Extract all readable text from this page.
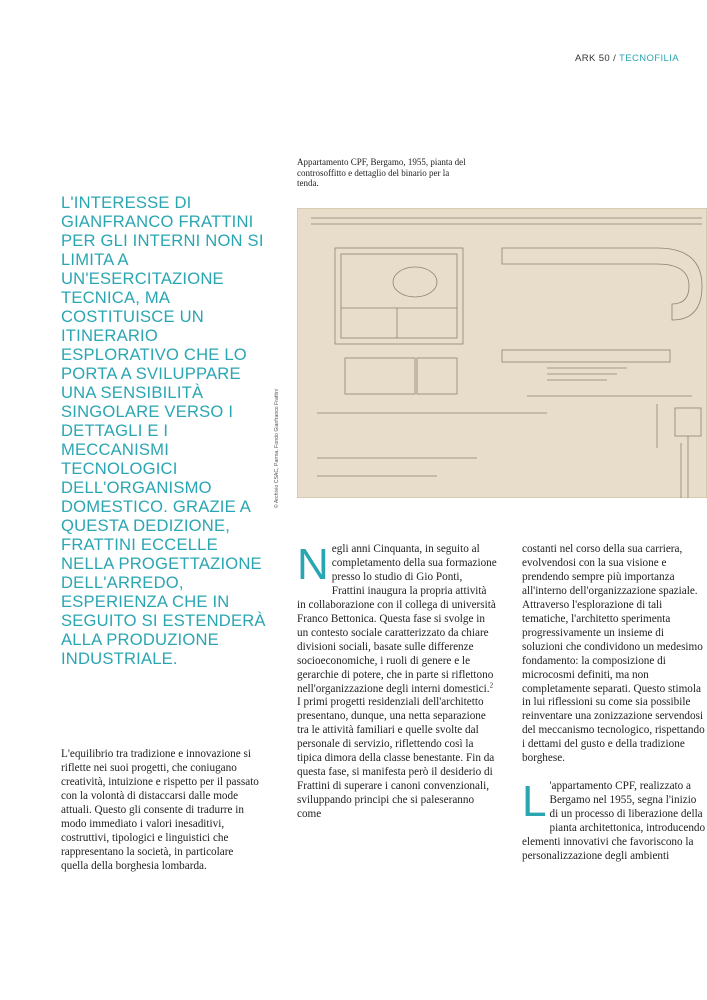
ARK 50 / TECNOFILIA
Appartamento CPF, Bergamo, 1955, pianta del controsoffitto e dettaglio del binario per la tenda.
L'INTERESSE DI GIANFRANCO FRATTINI PER GLI INTERNI NON SI LIMITA A UN'ESERCITAZIONE TECNICA, MA COSTITUISCE UN ITINERARIO ESPLORATIVO CHE LO PORTA A SVILUPPARE UNA SENSIBILITÀ SINGOLARE VERSO I DETTAGLI E I MECCANISMI TECNOLOGICI DELL'ORGANISMO DOMESTICO. GRAZIE A QUESTA DEDIZIONE, FRATTINI ECCELLE NELLA PROGETTAZIONE DELL'ARREDO, ESPERIENZA CHE IN SEGUITO SI ESTENDERÀ ALLA PRODUZIONE INDUSTRIALE.
© Archivio CSAC, Parma, Fondo Gianfranco Frattini

L'equilibrio tra tradizione e innovazione si riflette nei suoi progetti, che coniugano creatività, intuizione e rispetto per il passato con la volontà di distaccarsi dalle mode attuali. Questo gli consente di tradurre in modo immediato i valori inesaditivi, costruttivi, tipologici e linguistici che rappresentano la società, in particolare quella della borghesia lombarda.

Negli anni Cinquanta, in seguito al completamento della sua formazione presso lo studio di Gio Ponti, Frattini inaugura la propria attività in collaborazione con il collega di università Franco Bettonica. Questa fase si svolge in un contesto sociale caratterizzato da chiare divisioni sociali, basate sulle differenze socioeconomiche, i ruoli di genere e le gerarchie di potere, che in parte si riflettono nell'organizzazione degli interni domestici.$^2$ I primi progetti residenziali dell'architetto presentano, dunque, una netta separazione tra le attività familiari e quelle svolte dal personale di servizio, riflettendo così la tipica dimora della classe benestante. Fin da questa fase, si manifesta però il desiderio di Frattini di superare i canoni convenzionali, sviluppando principi che si paleseranno come

costanti nel corso della sua carriera, evolvendosi con la sua visione e prendendo sempre più importanza all'interno dell'organizzazione spaziale. Attraverso l'esplorazione di tali tematiche, l'architetto sperimenta progressivamente un insieme di soluzioni che condividono un medesimo fondamento: la composizione di microcosmi definiti, ma non completamente separati. Questo stimola in lui riflessioni su come sia possibile reinventare una zonizzazione servendosi del meccanismo tecnologico, rispettando i dettami del gusto e della tradizione borghese.

L 'appartamento CPF, realizzato a Bergamo nel 1955, segna l'inizio di un processo di liberazione della pianta architettonica, introducendo elementi innovativi che favoriscono la personalizzazione degli ambienti
